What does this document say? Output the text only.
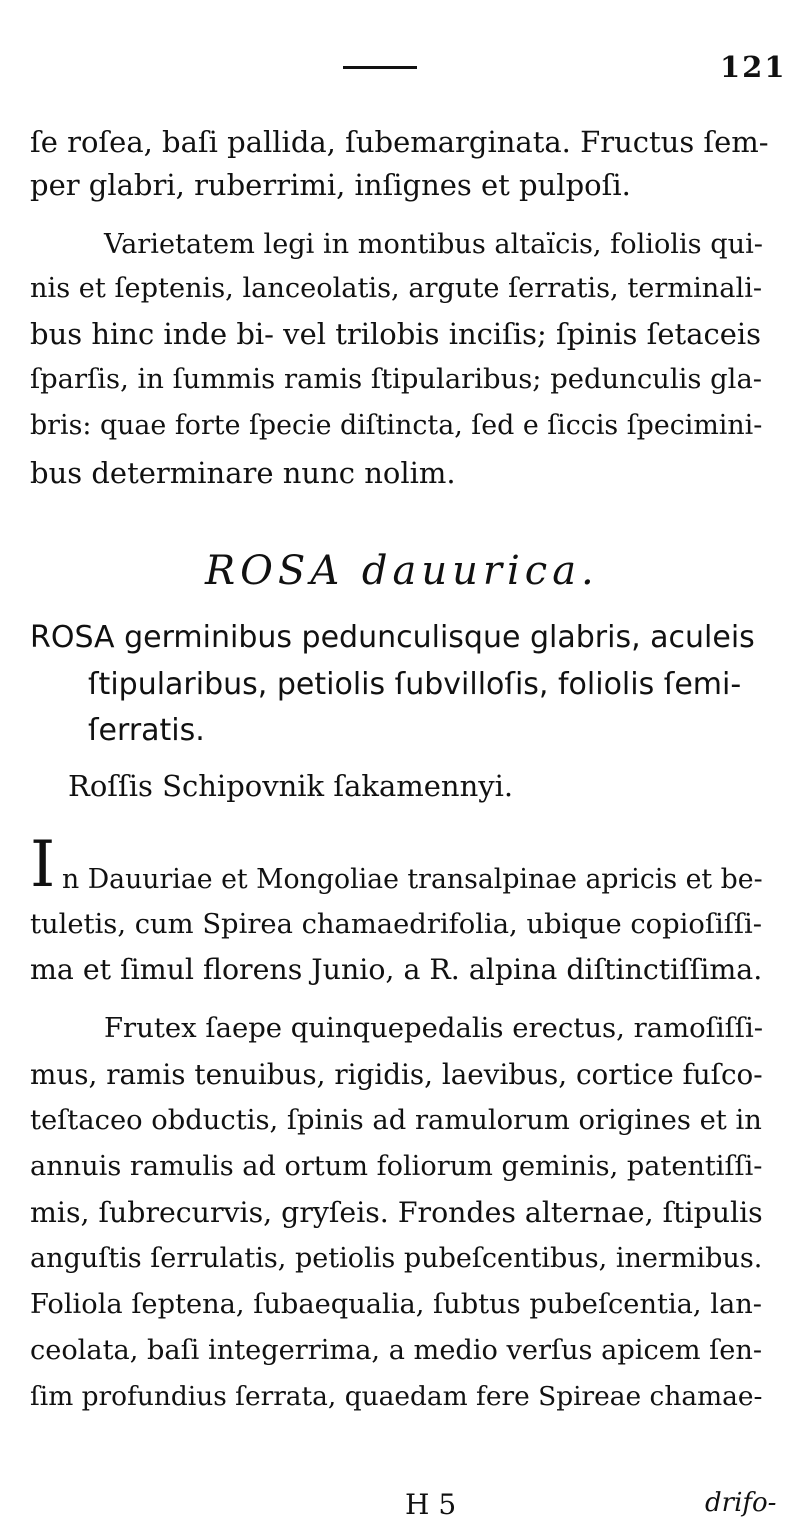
121
ſe roſea, baſi pallida, ſubemarginata. Fructus ſem-
per glabri, ruberrimi, inſignes et pulpoſi.
Varietatem legi in montibus altaïcis, foliolis qui-
nis et ſeptenis, lanceolatis, argute ſerratis, terminali-
bus hinc inde bi- vel trilobis inciſis; ſpinis ſetaceis
ſparſis, in ſummis ramis ſtipularibus; pedunculis gla-
bris: quae forte ſpecie diſtincta, ſed e ſiccis ſpecimini-
bus determinare nunc nolim.
ROSA dauurica.
ROSA germinibus pedunculisque glabris, aculeis
ſtipularibus, petiolis ſubvilloſis, foliolis ſemi-
ſerratis.
Roſſis Schipovnik ſakamennyi.
I n Dauuriae et Mongoliae transalpinae apricis et be-
tuletis, cum Spirea chamaedrifolia, ubique copioſiſſi-
ma et ſimul florens Junio, a R. alpina diſtinctiſſima.
Frutex ſaepe quinquepedalis erectus, ramoſiſſi-
mus, ramis tenuibus, rigidis, laevibus, cortice fuſco-
teſtaceo obductis, ſpinis ad ramulorum origines et in
annuis ramulis ad ortum foliorum geminis, patentiſſi-
mis, ſubrecurvis, gryſeis. Frondes alternae, ſtipulis
anguſtis ſerrulatis, petiolis pubeſcentibus, inermibus.
Foliola ſeptena, ſubaequalia, ſubtus pubeſcentia, lan-
ceolata, baſi integerrima, a medio verſus apicem ſen-
ſim profundius ſerrata, quaedam fere Spireae chamae-
H 5	drifo-
